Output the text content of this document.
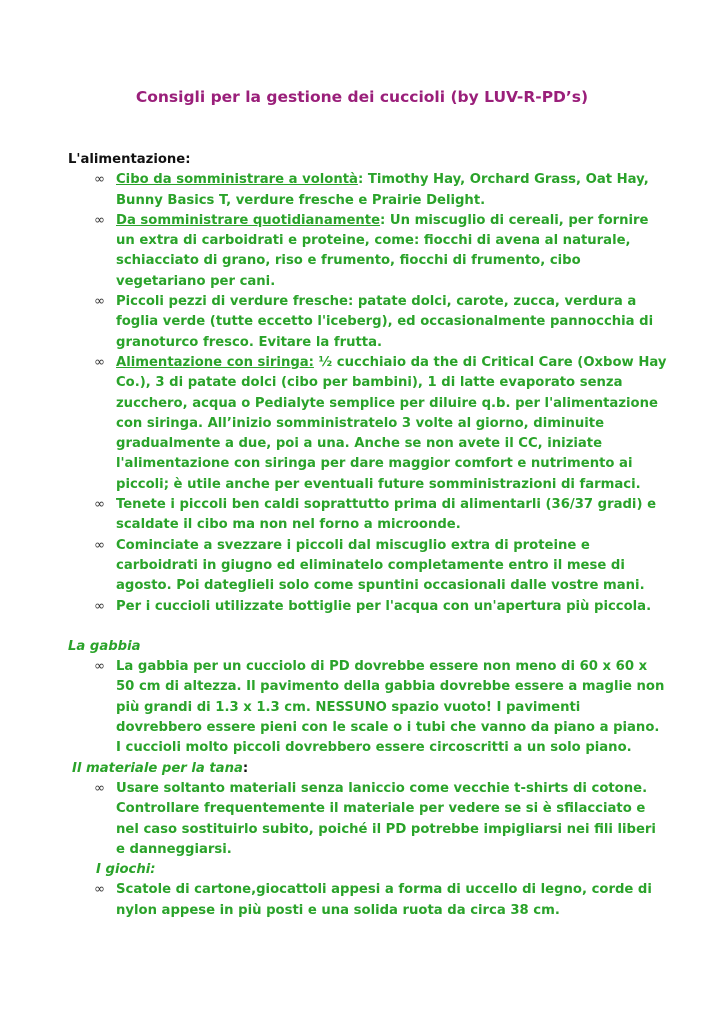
Consigli per la gestione dei cuccioli (by LUV-R-PD’s)
L'alimentazione:
∞ Cibo da somministrare a volontà: Timothy Hay, Orchard Grass, Oat Hay, Bunny Basics T, verdure fresche e Prairie Delight.
∞ Da somministrare quotidianamente: Un miscuglio di cereali, per fornire un extra di carboidrati e proteine, come: fiocchi di avena al naturale, schiacciato di grano, riso e frumento, fiocchi di frumento, cibo vegetariano per cani.
∞ Piccoli pezzi di verdure fresche: patate dolci, carote, zucca, verdura a foglia verde (tutte eccetto l'iceberg), ed occasionalmente pannocchia di granoturco fresco. Evitare la frutta.
∞ Alimentazione con siringa: ½ cucchiaio da the di Critical Care (Oxbow Hay Co.), 3 di patate dolci (cibo per bambini), 1 di latte evaporato senza zucchero, acqua o Pedialyte semplice per diluire q.b. per l'alimentazione con siringa. All’inizio somministratelo 3 volte al giorno, diminuite gradualmente a due, poi a una. Anche se non avete il CC, iniziate l'alimentazione con siringa per dare maggior comfort e nutrimento ai piccoli; è utile anche per eventuali future somministrazioni di farmaci.
∞ Tenete i piccoli ben caldi soprattutto prima di alimentarli (36/37 gradi) e scaldate il cibo ma non nel forno a microonde.
∞ Cominciate a svezzare i piccoli dal miscuglio extra di proteine e carboidrati in giugno ed eliminatelo completamente entro il mese di agosto. Poi dateglieli solo come spuntini occasionali dalle vostre mani.
∞ Per i cuccioli utilizzate bottiglie per l'acqua con un'apertura più piccola.
La gabbia
∞ La gabbia per un cucciolo di PD dovrebbe essere non meno di 60 x 60 x 50 cm di altezza. Il pavimento della gabbia dovrebbe essere a maglie non più grandi di 1.3 x 1.3 cm. NESSUNO spazio vuoto! I pavimenti dovrebbero essere pieni con le scale o i tubi che vanno da piano a piano. I cuccioli molto piccoli dovrebbero essere circoscritti a un solo piano.
Il materiale per la tana:
∞ Usare soltanto materiali senza laniccio come vecchie t-shirts di cotone. Controllare frequentemente il materiale per vedere se si è sfilacciato e nel caso sostituirlo subito, poiché il PD potrebbe impigliarsi nei fili liberi e danneggiarsi.
I giochi:
∞ Scatole di cartone,giocattoli appesi a forma di uccello di legno, corde di nylon appese in più posti e una solida ruota da circa 38 cm.
